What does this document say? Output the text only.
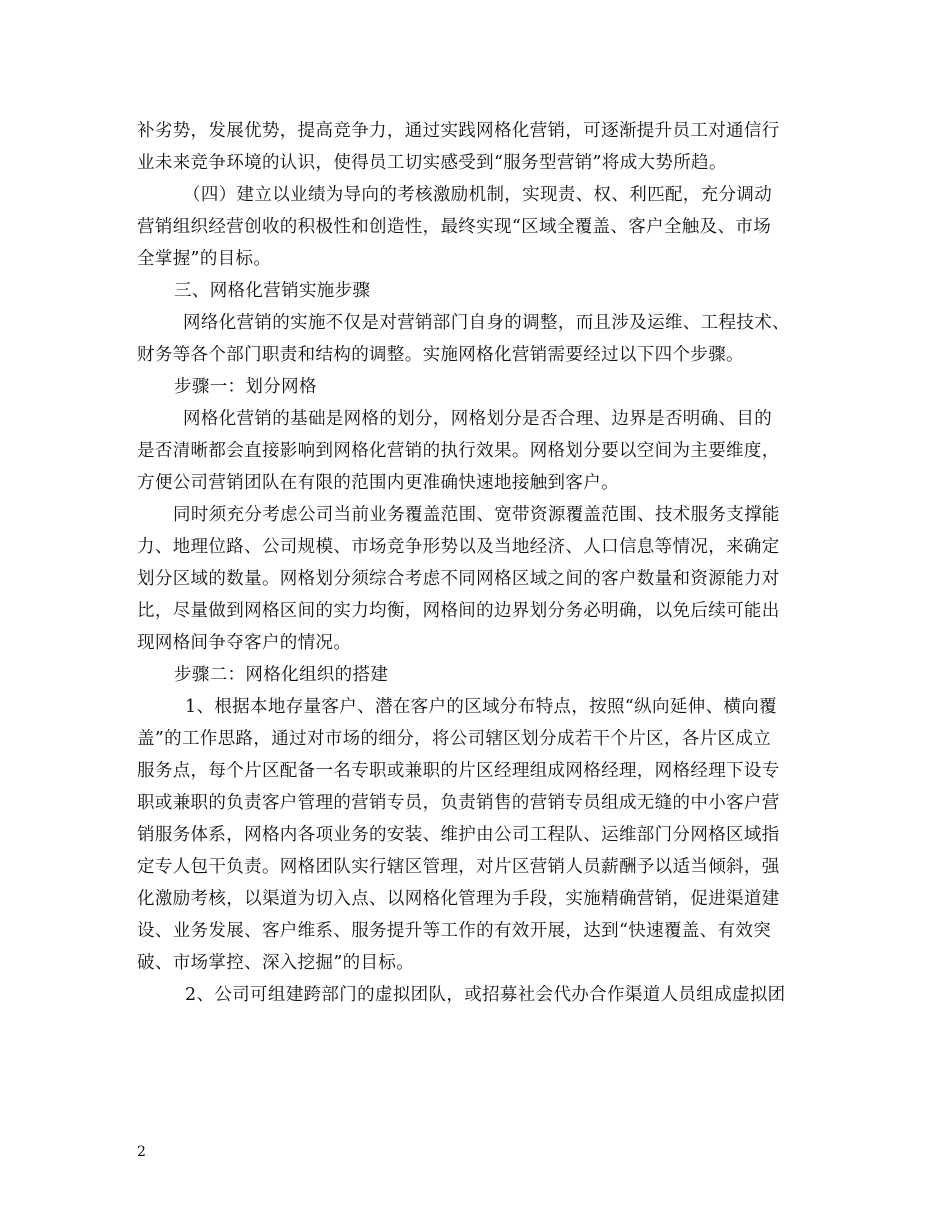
补劣势，发展优势，提高竞争力，通过实践网格化营销，可逐渐提升员工对通信行
业未来竞争环境的认识，使得员工切实感受到“服务型营销”将成大势所趋。
（四）建立以业绩为导向的考核激励机制，实现责、权、利匹配，充分调动
营销组织经营创收的积极性和创造性，最终实现“区域全覆盖、客户全触及、市场
全掌握”的目标。
三、网格化营销实施步骤
网络化营销的实施不仅是对营销部门自身的调整，而且涉及运维、工程技术、
财务等各个部门职责和结构的调整。实施网格化营销需要经过以下四个步骤。
步骤一：划分网格
网格化营销的基础是网格的划分，网格划分是否合理、边界是否明确、目的
是否清晰都会直接影响到网格化营销的执行效果。网格划分要以空间为主要维度，
方便公司营销团队在有限的范围内更准确快速地接触到客户。
同时须充分考虑公司当前业务覆盖范围、宽带资源覆盖范围、技术服务支撑能
力、地理位路、公司规模、市场竞争形势以及当地经济、人口信息等情况，来确定
划分区域的数量。网格划分须综合考虑不同网格区域之间的客户数量和资源能力对
比，尽量做到网格区间的实力均衡，网格间的边界划分务必明确，以免后续可能出
现网格间争夺客户的情况。
步骤二：网格化组织的搭建
1、根据本地存量客户、潜在客户的区域分布特点，按照“纵向延伸、横向覆
盖”的工作思路，通过对市场的细分，将公司辖区划分成若干个片区，各片区成立
服务点，每个片区配备一名专职或兼职的片区经理组成网格经理，网格经理下设专
职或兼职的负责客户管理的营销专员，负责销售的营销专员组成无缝的中小客户营
销服务体系，网格内各项业务的安装、维护由公司工程队、运维部门分网格区域指
定专人包干负责。网格团队实行辖区管理，对片区营销人员薪酬予以适当倾斜，强
化激励考核，以渠道为切入点、以网格化管理为手段，实施精确营销，促进渠道建
设、业务发展、客户维系、服务提升等工作的有效开展，达到“快速覆盖、有效突
破、市场掌控、深入挖掘”的目标。
2、公司可组建跨部门的虚拟团队，或招募社会代办合作渠道人员组成虚拟团
2
